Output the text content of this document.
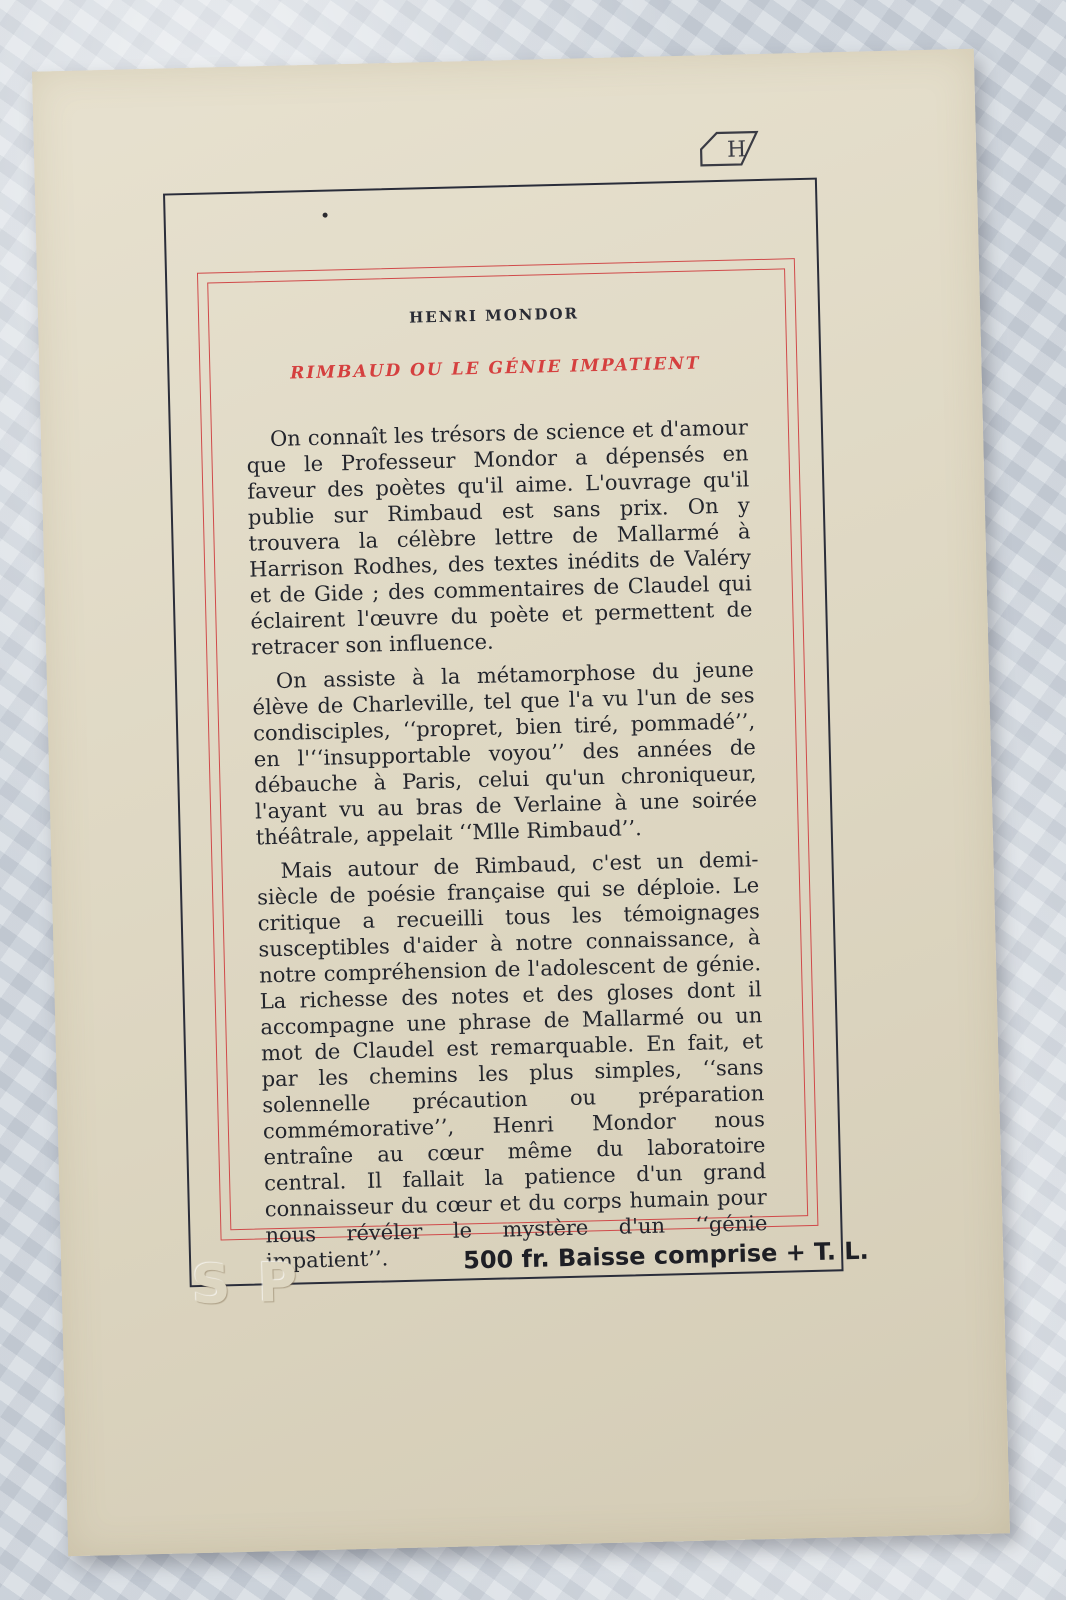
H
HENRI MONDOR
RIMBAUD OU LE GÉNIE IMPATIENT

On connaît les trésors de science et d'amour que le Professeur Mondor a dépensés en faveur des poètes qu'il aime. L'ouvrage qu'il publie sur Rimbaud est sans prix. On y trouvera la célèbre lettre de Mallarmé à Harrison Rodhes, des textes inédits de Valéry et de Gide ; des commentaires de Claudel qui éclairent l'œuvre du poète et permettent de retracer son influence.

On assiste à la métamorphose du jeune élève de Charleville, tel que l'a vu l'un de ses condisciples, ‘‘propret, bien tiré, pommadé’’, en l'‘‘insupportable voyou’’ des années de débauche à Paris, celui qu'un chroniqueur, l'ayant vu au bras de Verlaine à une soirée théâtrale, appelait ‘‘Mlle Rimbaud’’.

Mais autour de Rimbaud, c'est un demi-siècle de poésie française qui se déploie. Le critique a recueilli tous les témoignages susceptibles d'aider à notre connaissance, à notre compréhension de l'adolescent de génie. La richesse des notes et des gloses dont il accompagne une phrase de Mallarmé ou un mot de Claudel est remarquable. En fait, et par les chemins les plus simples, ‘‘sans solennelle précaution ou préparation commémorative’’, Henri Mondor nous entraîne au cœur même du laboratoire central. Il fallait la patience d'un grand connaisseur du cœur et du corps humain pour nous révéler le mystère d'un ‘‘génie impatient’’.

S P	500 fr. Baisse comprise + T. L.
